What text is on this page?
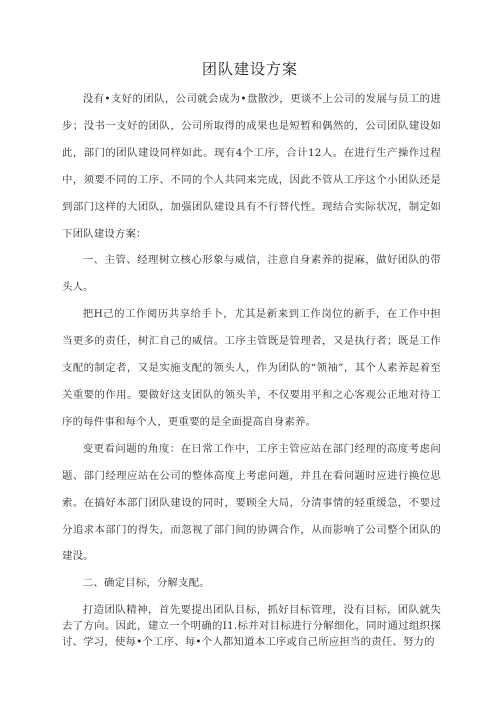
团队建设方案

没有•支好的团队，公司就会成为•盘散沙，更谈不上公司的发展与员工的进步；没书一支好的团队，公司所取得的成果也是短暂和偶然的，公司团队建设如此，部门的团队建设同样如此。现有4个工序，合计12人。在进行生产操作过程中，须要不同的工序、不同的个人共同来完成，因此不管从工序这个小团队还是到部门这样的大团队，加强团队建设具有不行替代性。现结合实际状况，制定如下团队建设方案：

一、主管、经理树立核心形象与威信，注意自身素养的提麻，做好团队的带头人。

把H己的工作阅历共享给手卜，尤其是新来到工作岗位的新手，在工作中担当更多的责任，树汇自己的威信。工序主管既是管理者，又是执行者；既是工作支配的制定者，又是实施支配的领头人，作为团队的“领袖”，其个人素养起着至关重要的作用。要做好这支团队的领头羊，不仅要用平和之心客观公正地对待工序的每件事和每个人，更重要的是全面提高自身素养。

变更看问题的角度：在日常工作中，工序主管应站在部门经理的高度考虑问题、部门经理应站在公司的整体高度上考虑问题，并且在看问题时应进行换位思索。在搞好本部门团队建设的同时，要顾全大局，分清事情的轻重缓急，不要过分追求本部门的得失，而忽视了部门间的协调合作，从而影响了公司整个团队的建没。

二、确定目标，分解支配。

打造团队精神，首先要提出团队目标，抓好目标管理，没有目标，团队就失去了方向。因此，建立一个明确的I1.标并对目标进行分解细化，同时通过组织探讨、学习，使每•个工序、每•个人都知道本工序或自己所应担当的责任、努力的
